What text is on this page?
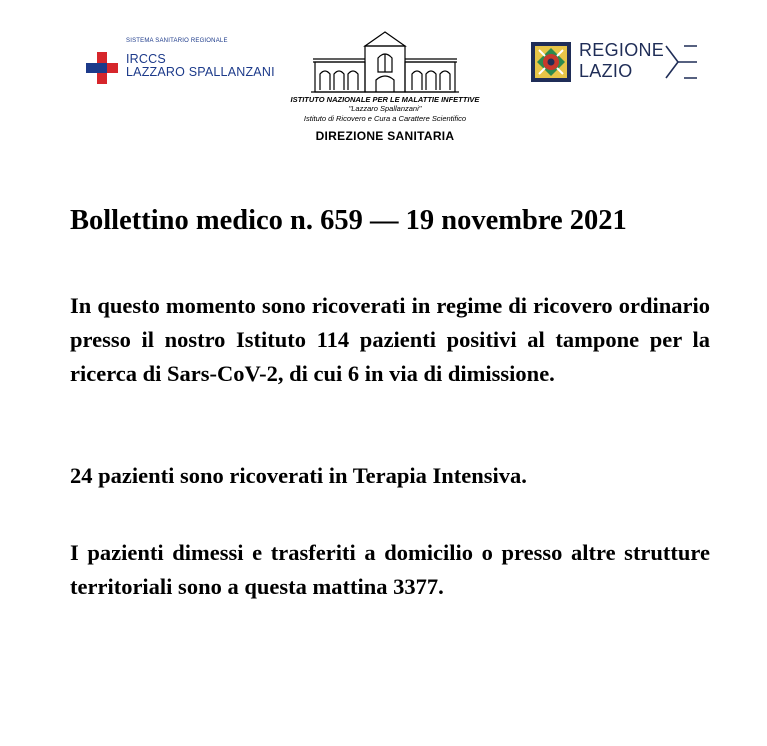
SISTEMA SANITARIO REGIONALE
IRCCS
LAZZARO SPALLANZANI
ISTITUTO NAZIONALE PER LE MALATTIE INFETTIVE
"Lazzaro Spallanzani"
Istituto di Ricovero e Cura a Carattere Scientifico
DIREZIONE SANITARIA
REGIONE
LAZIO
Bollettino medico n. 659 — 19 novembre 2021
In questo momento sono ricoverati in regime di ricovero ordinario presso il nostro Istituto 114 pazienti positivi al tampone per la ricerca di Sars-CoV-2, di cui 6 in via di dimissione.
24 pazienti sono ricoverati in Terapia Intensiva.
I pazienti dimessi e trasferiti a domicilio o presso altre strutture territoriali sono a questa mattina 3377.
